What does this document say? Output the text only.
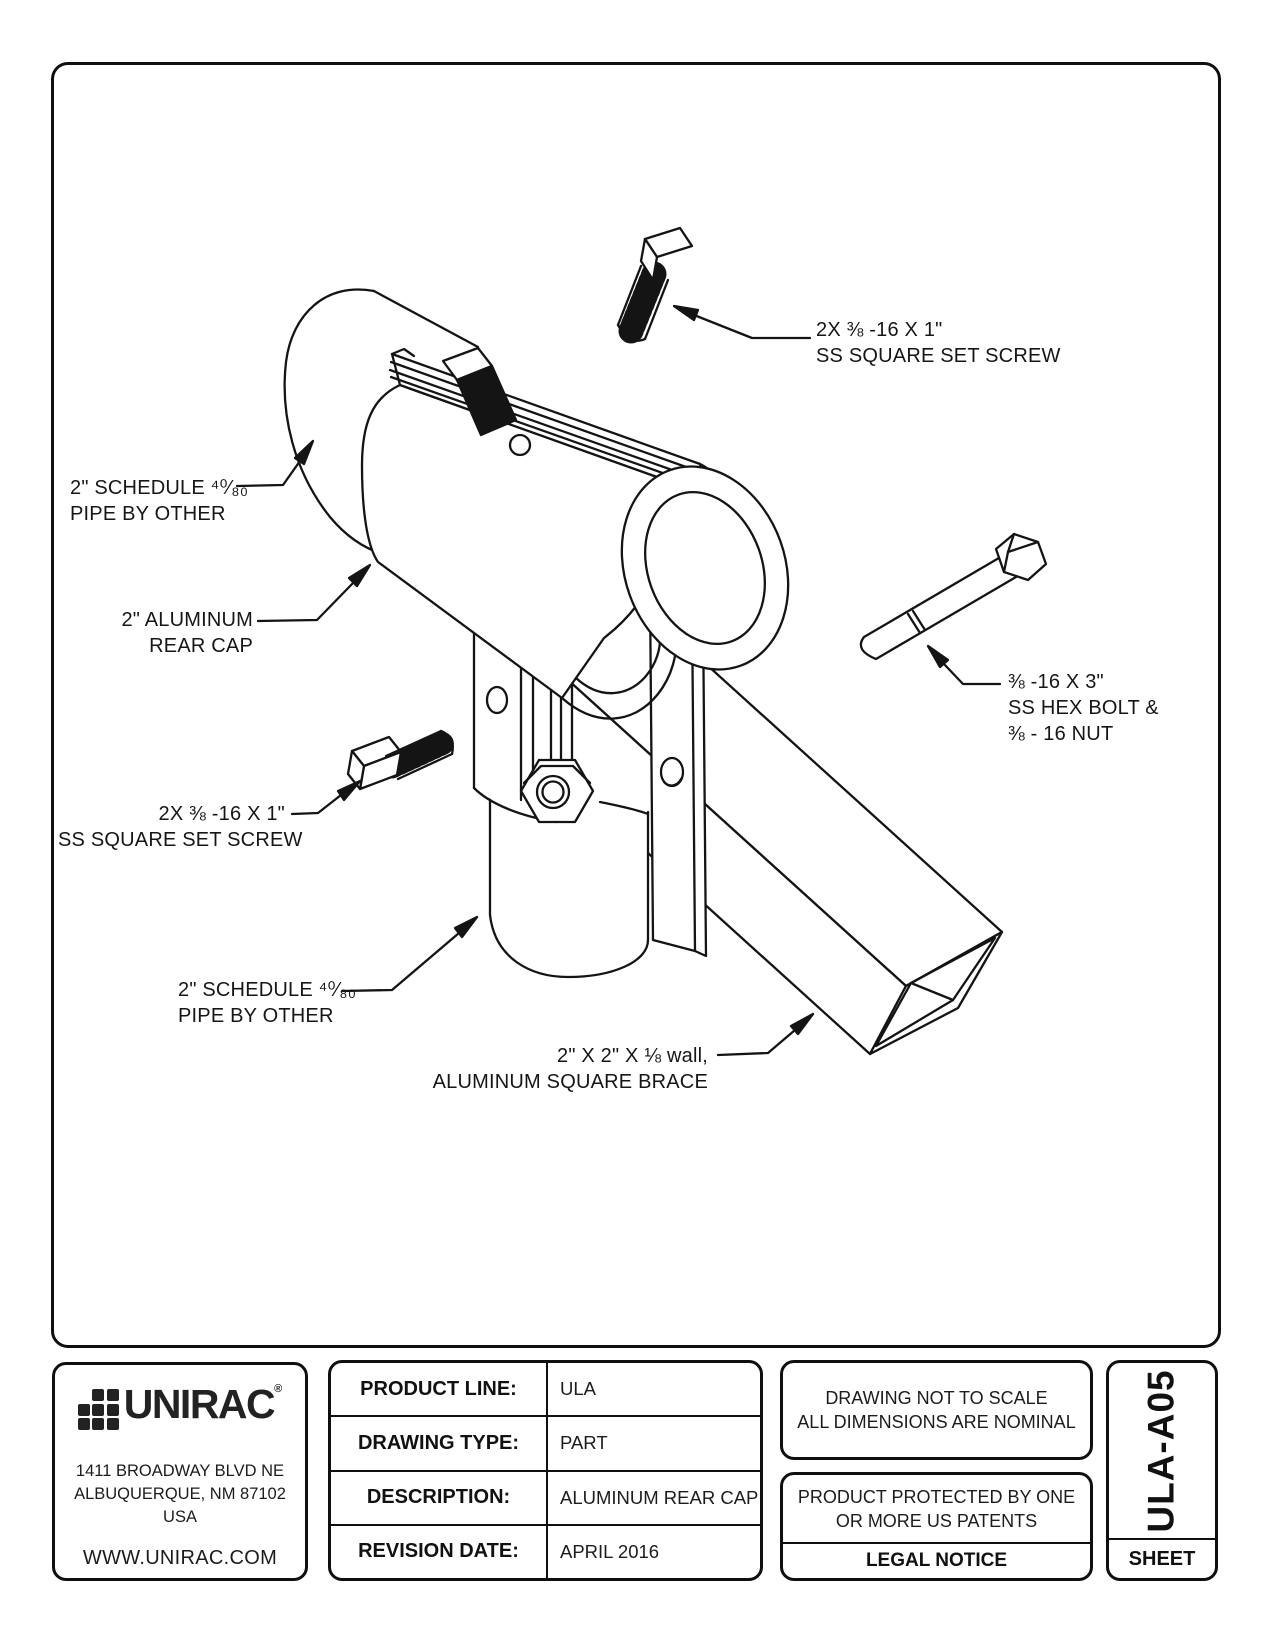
2X ⅜ -16 X 1"
SS SQUARE SET SCREW
2" SCHEDULE ⁴⁰⁄₈₀
PIPE BY OTHER
2" ALUMINUM
REAR CAP
⅜ -16 X 3"
SS HEX BOLT &
⅜ - 16 NUT
2X ⅜ -16 X 1"
SS SQUARE SET SCREW
2" SCHEDULE ⁴⁰⁄₈₀
PIPE BY OTHER
2" X 2" X ⅛ wall,
ALUMINUM SQUARE BRACE
UNIRAC ®
1411 BROADWAY BLVD NE
ALBUQUERQUE, NM 87102 USA
WWW.UNIRAC.COM
PRODUCT LINE:	ULA
DRAWING TYPE:	PART
DESCRIPTION:	ALUMINUM REAR CAP
REVISION DATE:	APRIL 2016
DRAWING NOT TO SCALE
ALL DIMENSIONS ARE NOMINAL
PRODUCT PROTECTED BY ONE
OR MORE US PATENTS
LEGAL NOTICE
ULA-A05
SHEET
